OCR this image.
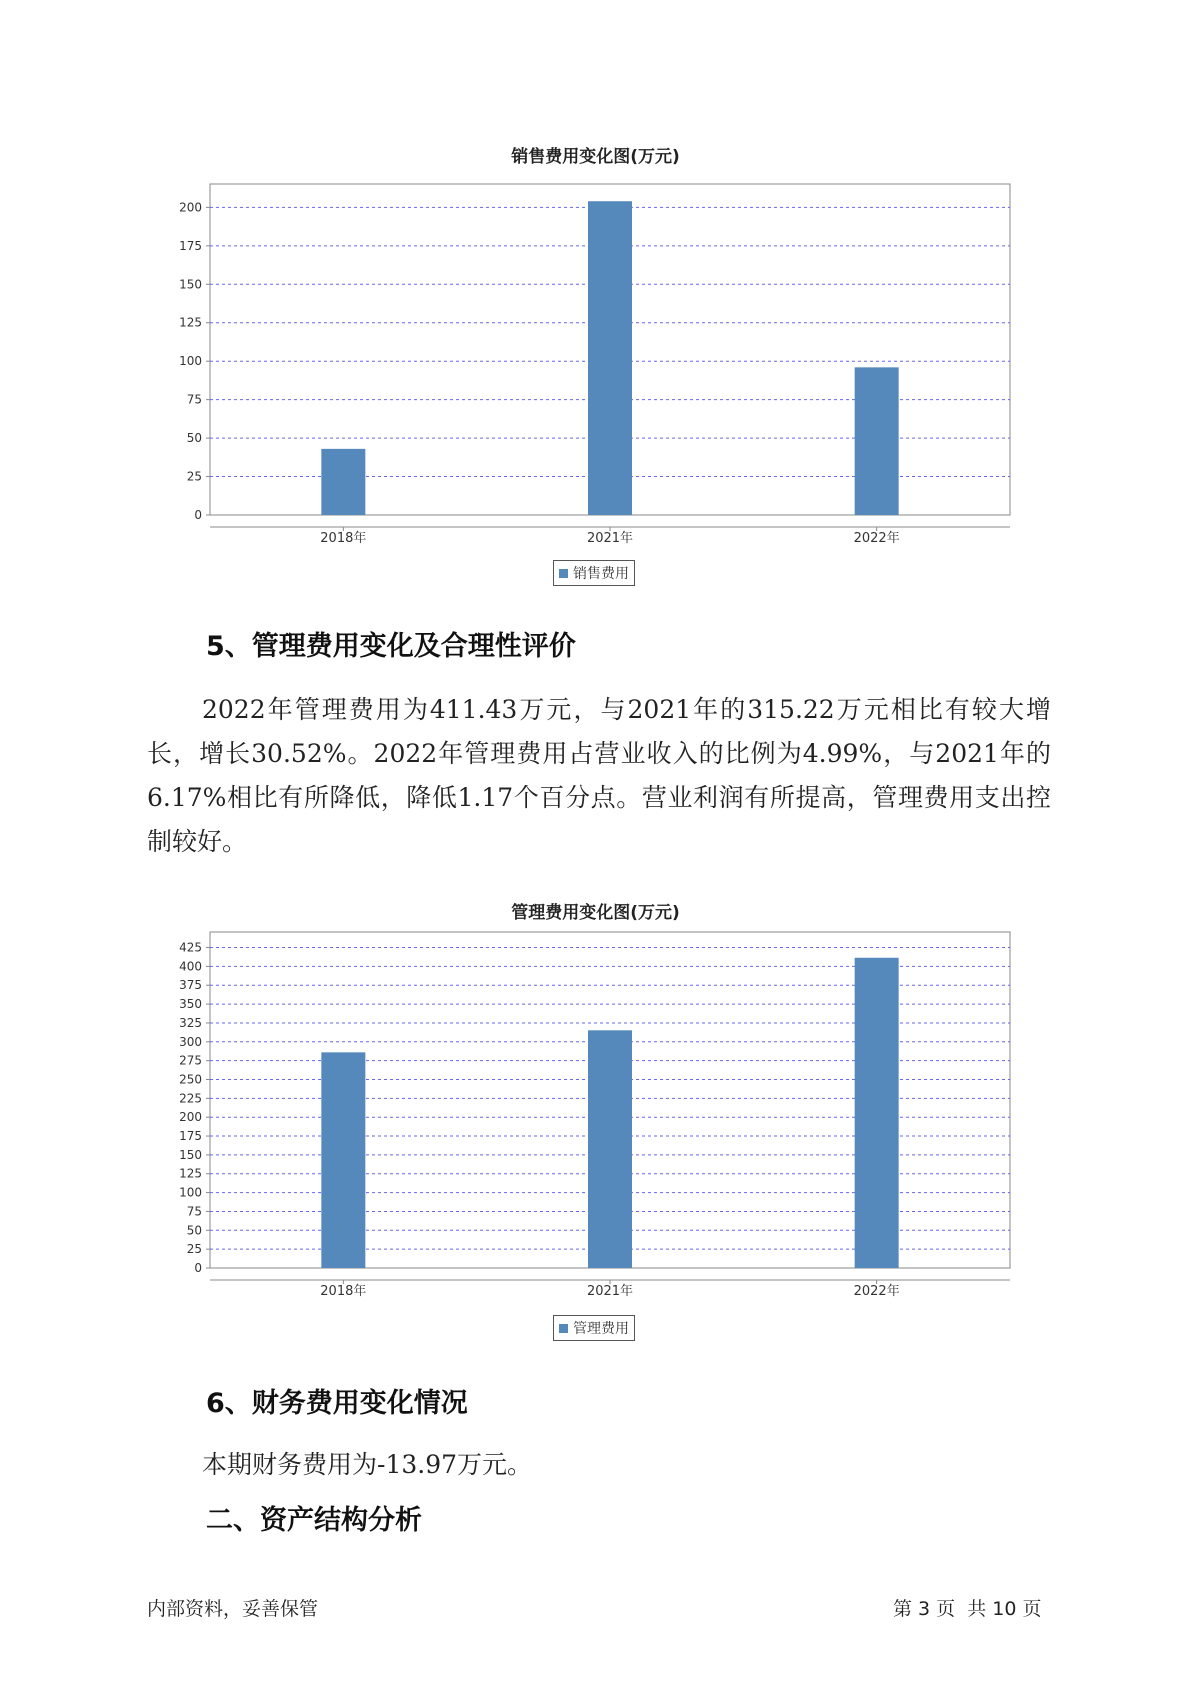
销售费用变化图(万元)
0
25
50
75
100
125
150
175
200
2018年	2021年	2022年
销售费用
5、管理费用变化及合理性评价
2022年管理费用为411.43万元，与2021年的315.22万元相比有较大增长，增长30.52%。2022年管理费用占营业收入的比例为4.99%，与2021年的6.17%相比有所降低，降低1.17个百分点。营业利润有所提高，管理费用支出控制较好。
管理费用变化图(万元)
0
25
50
75
100
125
150
175
200
225
250
275
300
325
350
375
400
425
2018年	2021年	2022年
管理费用
6、财务费用变化情况
本期财务费用为-13.97万元。
二、资产结构分析
内部资料，妥善保管	第 3 页  共 10 页
